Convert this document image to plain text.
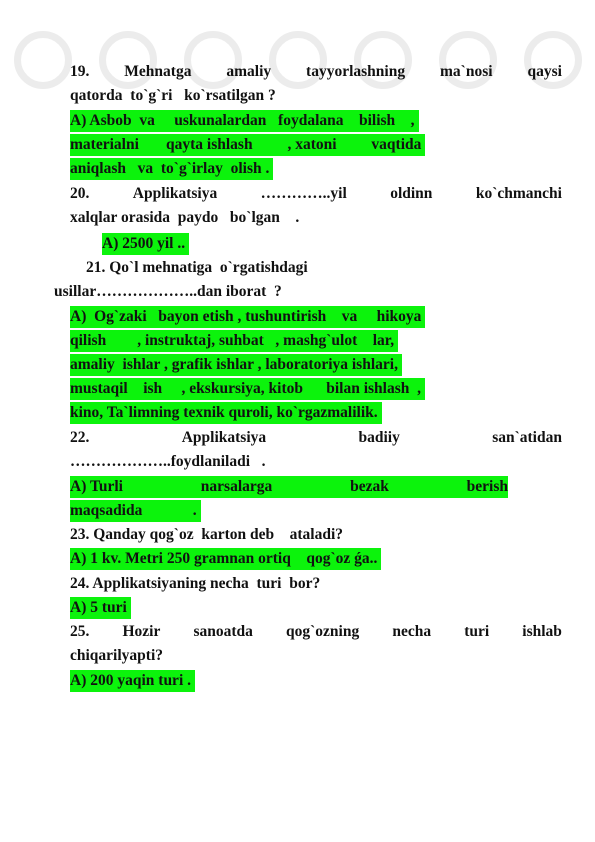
19. Mehnatga amaliy tayyorlashning ma`nosi qaysi
qatorda  to`g`ri   ko`rsatilgan ?
A) Asbob  va     uskunalardan   foydalana    bilish    ,
materialni       qayta ishlash         , xatoni         vaqtida
aniqlash   va  to`g`irlay  olish .
20.	Applikatsiya	…………..yil	oldinn	ko`chmanchi
xalqlar orasida  paydo   bo`lgan    .
A) 2500 yil ..
21. Qo`l mehnatiga  o`rgatishdagi
usillar………………..dan iborat  ?
A)  Og`zaki   bayon etish , tushuntirish    va     hikoya
qilish        , instruktaj, suhbat   , mashg`ulot    lar,
amaliy  ishlar , grafik ishlar , laboratoriya ishlari,
mustaqil    ish     , ekskursiya, kitob      bilan ishlash  ,
kino, Ta`limning texnik quroli, ko`rgazmalilik.
22.	Applikatsiya	badiiy	san`atidan
………………..foydlaniladi   .
A) Turli	narsalarga	bezak	berish
maqsadida             .
23. Qanday qog`oz  karton deb    ataladi?
A) 1 kv. Metri 250 gramnan ortiq    qog`oz ǵa..
24. Applikatsiyaning necha  turi  bor?
A) 5 turi
25. Hozir sanoatda qog`ozning necha turi ishlab
chiqarilyapti?
A) 200 yaqin turi .
